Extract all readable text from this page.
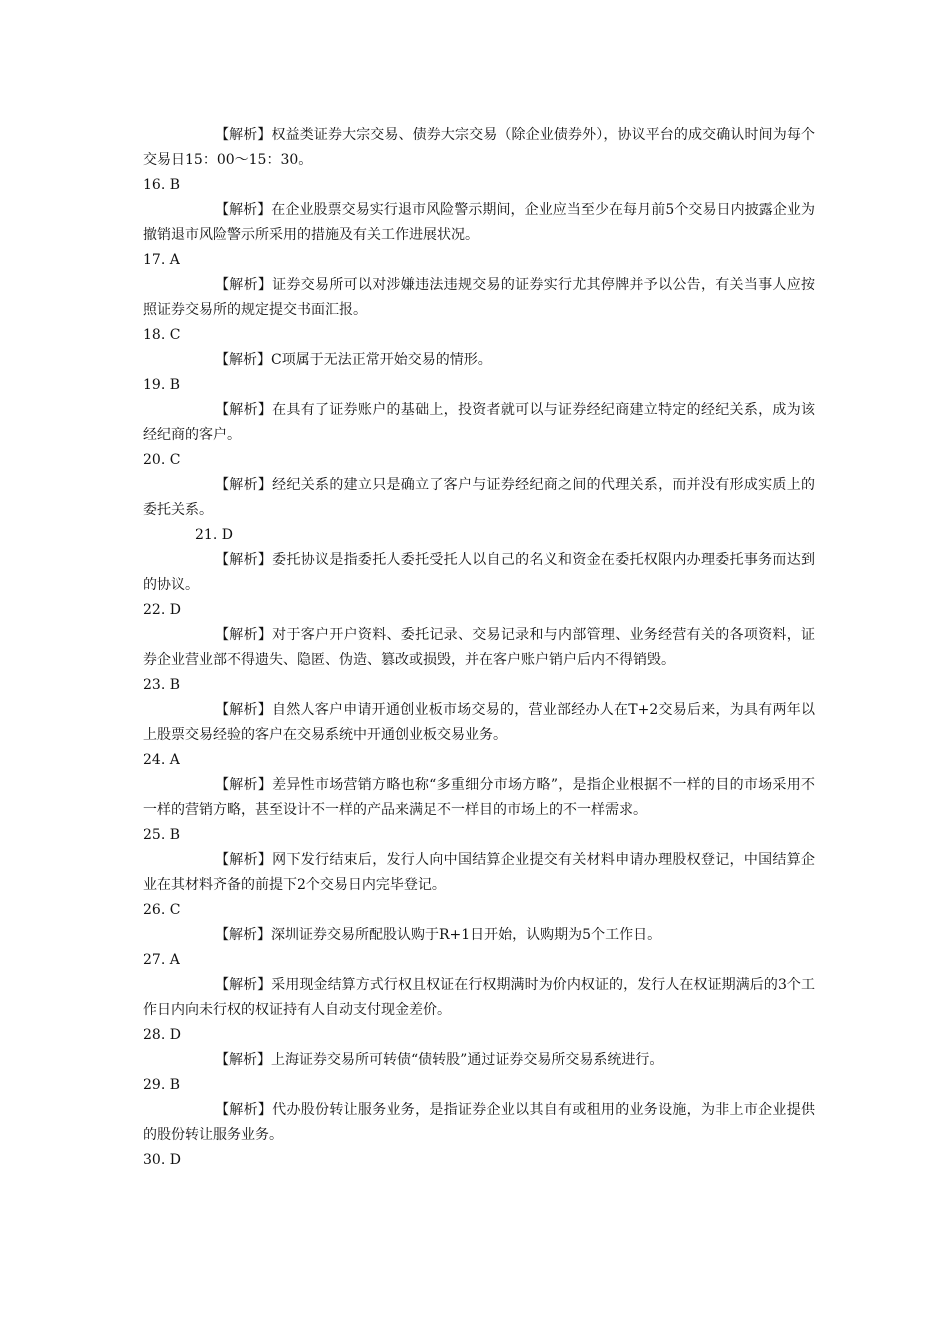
【解析】权益类证券大宗交易、债券大宗交易（除企业债券外），协议平台的成交确认时间为每个交易日15：00～15：30。

16. B

【解析】在企业股票交易实行退市风险警示期间，企业应当至少在每月前5个交易日内披露企业为撤销退市风险警示所采用的措施及有关工作进展状况。

17. A

【解析】证券交易所可以对涉嫌违法违规交易的证券实行尤其停牌并予以公告，有关当事人应按照证券交易所的规定提交书面汇报。

18. C

【解析】C项属于无法正常开始交易的情形。

19. B

【解析】在具有了证券账户的基础上，投资者就可以与证券经纪商建立特定的经纪关系，成为该经纪商的客户。

20. C

【解析】经纪关系的建立只是确立了客户与证券经纪商之间的代理关系，而并没有形成实质上的委托关系。

21. D

【解析】委托协议是指委托人委托受托人以自己的名义和资金在委托权限内办理委托事务而达到的协议。

22. D

【解析】对于客户开户资料、委托记录、交易记录和与内部管理、业务经营有关的各项资料，证券企业营业部不得遗失、隐匿、伪造、篡改或损毁，并在客户账户销户后内不得销毁。

23. B

【解析】自然人客户申请开通创业板市场交易的，营业部经办人在T+2交易后来，为具有两年以上股票交易经验的客户在交易系统中开通创业板交易业务。

24. A

【解析】差异性市场营销方略也称“多重细分市场方略”，是指企业根据不一样的目的市场采用不一样的营销方略，甚至设计不一样的产品来满足不一样目的市场上的不一样需求。

25. B

【解析】网下发行结束后，发行人向中国结算企业提交有关材料申请办理股权登记，中国结算企业在其材料齐备的前提下2个交易日内完毕登记。

26. C

【解析】深圳证券交易所配股认购于R+1日开始，认购期为5个工作日。

27. A

【解析】采用现金结算方式行权且权证在行权期满时为价内权证的，发行人在权证期满后的3个工作日内向未行权的权证持有人自动支付现金差价。

28. D

【解析】上海证券交易所可转债“债转股”通过证券交易所交易系统进行。

29. B

【解析】代办股份转让服务业务，是指证券企业以其自有或租用的业务设施，为非上市企业提供的股份转让服务业务。

30. D
